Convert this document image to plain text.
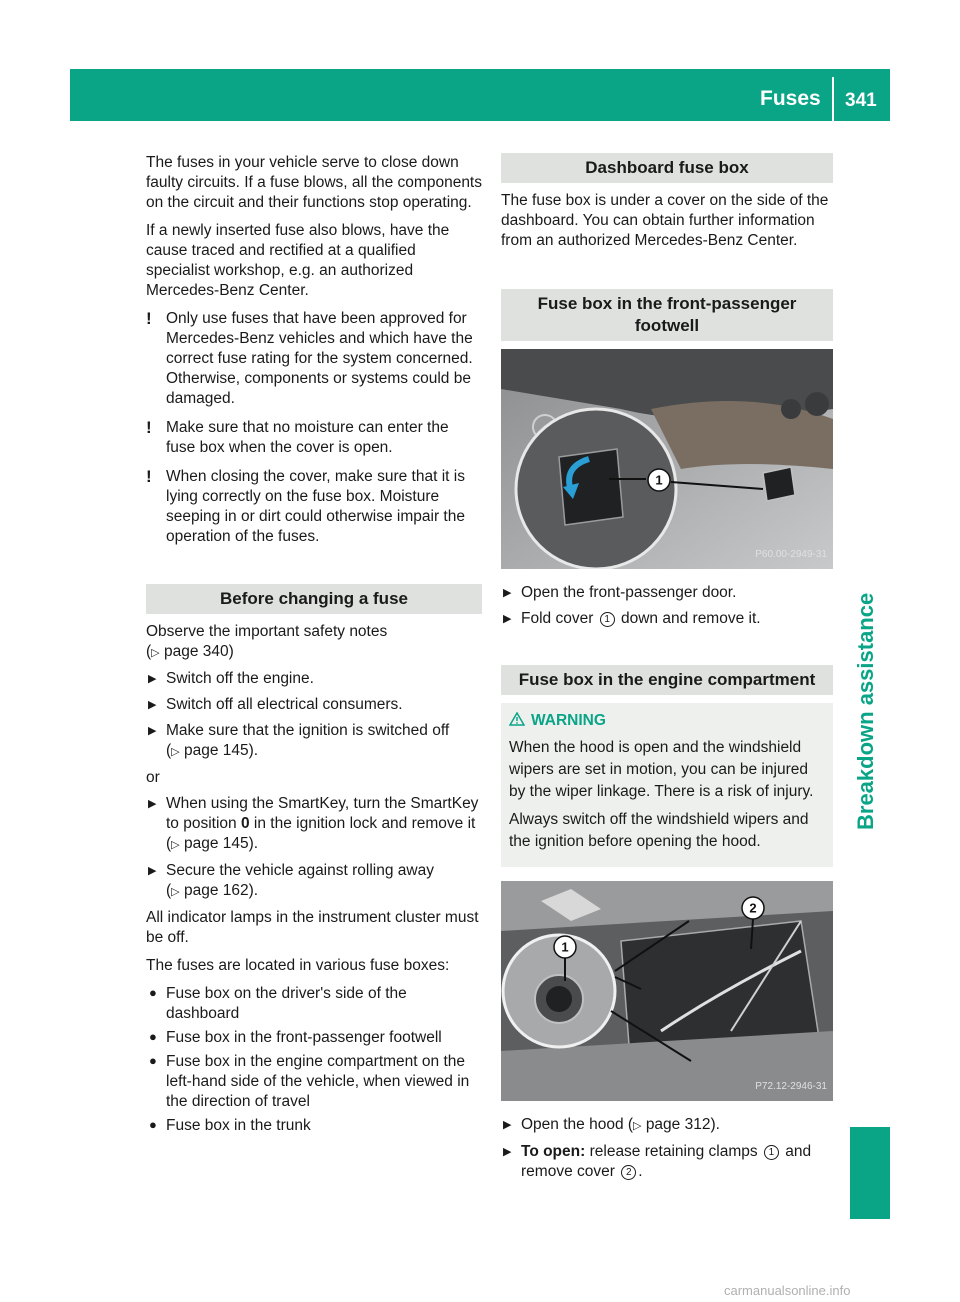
Fuses 341
Breakdown assistance

The fuses in your vehicle serve to close down faulty circuits. If a fuse blows, all the components on the circuit and their functions stop operating.

If a newly inserted fuse also blows, have the cause traced and rectified at a qualified specialist workshop, e.g. an authorized Mercedes-Benz Center.

! Only use fuses that have been approved for Mercedes-Benz vehicles and which have the correct fuse rating for the system concerned. Otherwise, components or systems could be damaged.
! Make sure that no moisture can enter the fuse box when the cover is open.
! When closing the cover, make sure that it is lying correctly on the fuse box. Moisture seeping in or dirt could otherwise impair the operation of the fuses.
Before changing a fuse
Observe the important safety notes
(▷ page 340)
▶ Switch off the engine.
▶ Switch off all electrical consumers.
▶ Make sure that the ignition is switched off
(▷ page 145).
or
▶ When using the SmartKey, turn the SmartKey to position 0 in the ignition lock and remove it
(▷ page 145).
▶ Secure the vehicle against rolling away
(▷ page 162).

All indicator lamps in the instrument cluster must be off.

The fuses are located in various fuse boxes:

● Fuse box on the driver's side of the dashboard
● Fuse box in the front-passenger footwell
● Fuse box in the engine compartment on the left-hand side of the vehicle, when viewed in the direction of travel
● Fuse box in the trunk
Dashboard fuse box

The fuse box is under a cover on the side of the dashboard. You can obtain further information from an authorized Mercedes-Benz Center.

Fuse box in the front-passenger footwell
1
P60.00-2949-31
▶ Open the front-passenger door.
▶ Fold cover 1 down and remove it.
Fuse box in the engine compartment
WARNING

When the hood is open and the windshield wipers are set in motion, you can be injured by the wiper linkage. There is a risk of injury.

Always switch off the windshield wipers and the ignition before opening the hood.

1
2
P72.12-2946-31
▶ Open the hood (▷ page 312).
▶ To open: release retaining clamps 1 and
remove cover 2 .
carmanualsonline.info
